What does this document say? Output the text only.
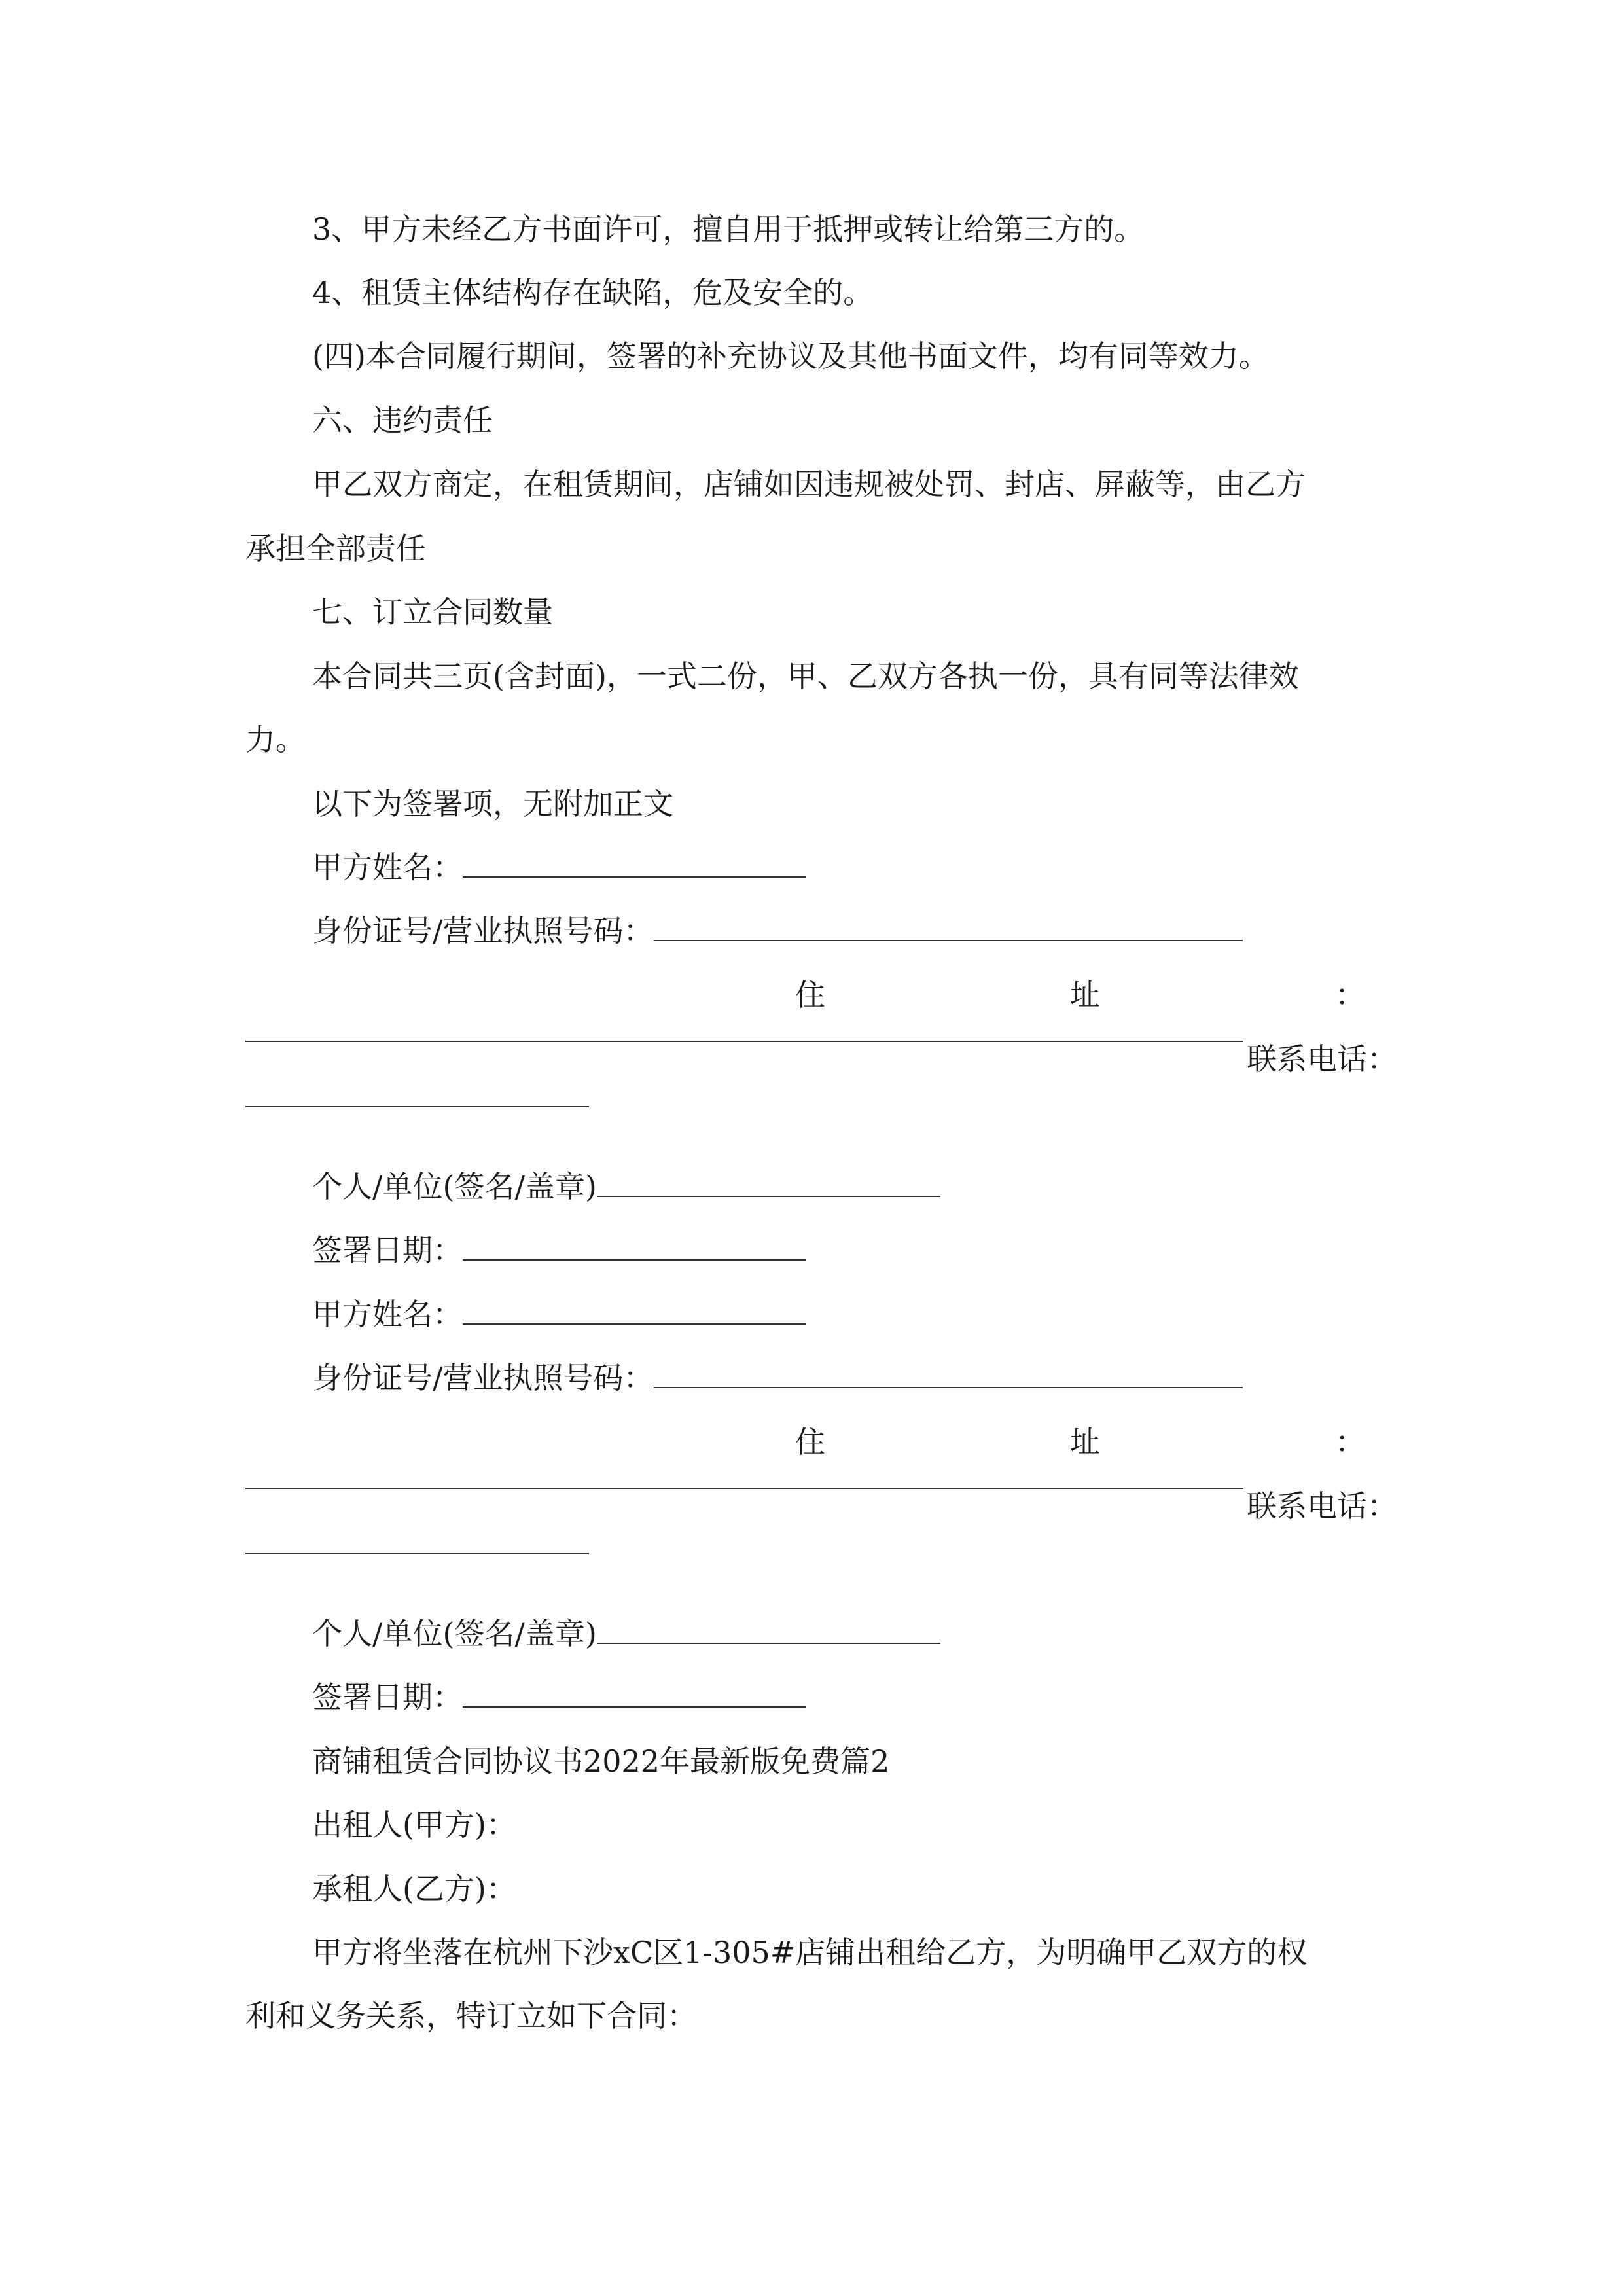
3、甲方未经乙方书面许可，擅自用于抵押或转让给第三方的。
4、租赁主体结构存在缺陷，危及安全的。
(四)本合同履行期间，签署的补充协议及其他书面文件，均有同等效力。
六、违约责任
甲乙双方商定，在租赁期间，店铺如因违规被处罚、封店、屏蔽等，由乙方
承担全部责任
七、订立合同数量
本合同共三页(含封面)，一式二份，甲、乙双方各执一份，具有同等法律效
力。
以下为签署项，无附加正文
甲方姓名：
身份证号/营业执照号码：
住	址	：
联系电话：
个人/单位(签名/盖章)
签署日期：
甲方姓名：
身份证号/营业执照号码：
住	址	：
联系电话：
个人/单位(签名/盖章)
签署日期：
商铺租赁合同协议书2022年最新版免费篇2
出租人(甲方)：
承租人(乙方)：
甲方将坐落在杭州下沙xC区1-305#店铺出租给乙方，为明确甲乙双方的权
利和义务关系，特订立如下合同：
